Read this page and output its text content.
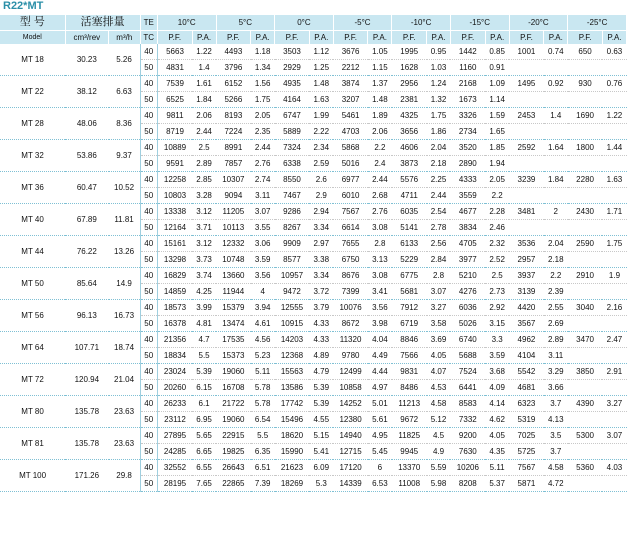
R22*MT
型 号	活塞排量		TE	10°C		5°C		0°C		-5°C		-10°C		-15°C		-20°C		-25°C	
Model	cm³/rev	m³/h	TC	P.F.	P.A.	P.F.	P.A.	P.F.	P.A.	P.F.	P.A.	P.F.	P.A.	P.F.	P.A.	P.F.	P.A.	P.F.	P.A.
MT 18	30.23	5.26	40	5663	1.22	4493	1.18	3503	1.12	3676	1.05	1995	0.95	1442	0.85	1001	0.74	650	0.63
			50	4831	1.4	3796	1.34	2929	1.25	2212	1.15	1628	1.03	1160	0.91				
MT 22	38.12	6.63	40	7539	1.61	6152	1.56	4935	1.48	3874	1.37	2956	1.24	2168	1.09	1495	0.92	930	0.76
			50	6525	1.84	5266	1.75	4164	1.63	3207	1.48	2381	1.32	1673	1.14				
MT 28	48.06	8.36	40	9811	2.06	8193	2.05	6747	1.99	5461	1.89	4325	1.75	3326	1.59	2453	1.4	1690	1.22
			50	8719	2.44	7224	2.35	5889	2.22	4703	2.06	3656	1.86	2734	1.65				
MT 32	53.86	9.37	40	10889	2.5	8991	2.44	7324	2.34	5868	2.2	4606	2.04	3520	1.85	2592	1.64	1800	1.44
			50	9591	2.89	7857	2.76	6338	2.59	5016	2.4	3873	2.18	2890	1.94				
MT 36	60.47	10.52	40	12258	2.85	10307	2.74	8550	2.6	6977	2.44	5576	2.25	4333	2.05	3239	1.84	2280	1.63
			50	10803	3.28	9094	3.11	7467	2.9	6010	2.68	4711	2.44	3559	2.2				
MT 40	67.89	11.81	40	13338	3.12	11205	3.07	9286	2.94	7567	2.76	6035	2.54	4677	2.28	3481	2	2430	1.71
			50	12164	3.71	10113	3.55	8267	3.34	6614	3.08	5141	2.78	3834	2.46				
MT 44	76.22	13.26	40	15161	3.12	12332	3.06	9909	2.97	7655	2.8	6133	2.56	4705	2.32	3536	2.04	2590	1.75
			50	13298	3.73	10748	3.59	8577	3.38	6750	3.13	5229	2.84	3977	2.52	2957	2.18		
MT 50	85.64	14.9	40	16829	3.74	13660	3.56	10957	3.34	8676	3.08	6775	2.8	5210	2.5	3937	2.2	2910	1.9
			50	14859	4.25	11944	4	9472	3.72	7399	3.41	5681	3.07	4276	2.73	3139	2.39		
MT 56	96.13	16.73	40	18573	3.99	15379	3.94	12555	3.79	10076	3.56	7912	3.27	6036	2.92	4420	2.55	3040	2.16
			50	16378	4.81	13474	4.61	10915	4.33	8672	3.98	6719	3.58	5026	3.15	3567	2.69		
MT 64	107.71	18.74	40	21356	4.7	17535	4.56	14203	4.33	11320	4.04	8846	3.69	6740	3.3	4962	2.89	3470	2.47
			50	18834	5.5	15373	5.23	12368	4.89	9780	4.49	7566	4.05	5688	3.59	4104	3.11		
MT 72	120.94	21.04	40	23024	5.39	19060	5.11	15563	4.79	12499	4.44	9831	4.07	7524	3.68	5542	3.29	3850	2.91
			50	20260	6.15	16708	5.78	13586	5.39	10858	4.97	8486	4.53	6441	4.09	4681	3.66		
MT 80	135.78	23.63	40	26233	6.1	21722	5.78	17742	5.39	14252	5.01	11213	4.58	8583	4.14	6323	3.7	4390	3.27
			50	23112	6.95	19060	6.54	15496	4.55	12380	5.61	9672	5.12	7332	4.62	5319	4.13		
MT 81	135.78	23.63	40	27895	5.65	22915	5.5	18620	5.15	14940	4.95	11825	4.5	9200	4.05	7025	3.5	5300	3.07
			50	24285	6.65	19825	6.35	15990	5.41	12715	5.45	9945	4.9	7630	4.35	5725	3.7		
MT 100	171.26	29.8	40	32552	6.55	26643	6.51	21623	6.09	17120	6	13370	5.59	10206	5.11	7567	4.58	5360	4.03
			50	28195	7.65	22865	7.39	18269	5.3	14339	6.53	11008	5.98	8208	5.37	5871	4.72		
